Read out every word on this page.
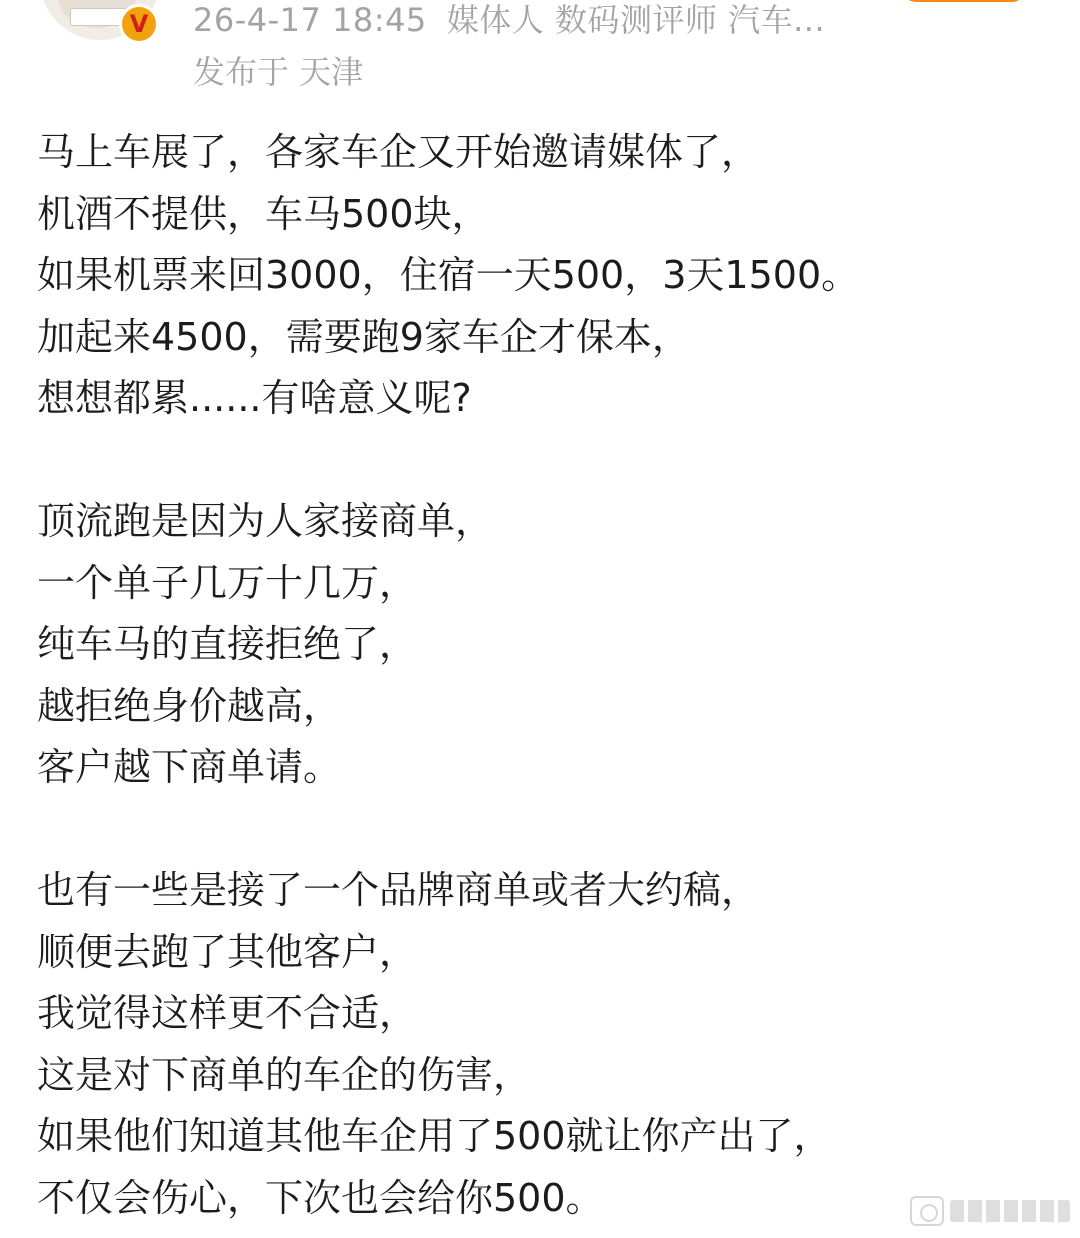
V	26-4-17 18:45 媒体人 数码测评师 汽车...
发布于 天津
马上车展了，各家车企又开始邀请媒体了，
机酒不提供，车马500块，
如果机票来回3000，住宿一天500，3天1500。
加起来4500，需要跑9家车企才保本，
想想都累......有啥意义呢?
顶流跑是因为人家接商单，
一个单子几万十几万，
纯车马的直接拒绝了，
越拒绝身价越高，
客户越下商单请。
也有一些是接了一个品牌商单或者大约稿，
顺便去跑了其他客户，
我觉得这样更不合适，
这是对下商单的车企的伤害，
如果他们知道其他车企用了500就让你产出了，
不仅会伤心，下次也会给你500。
